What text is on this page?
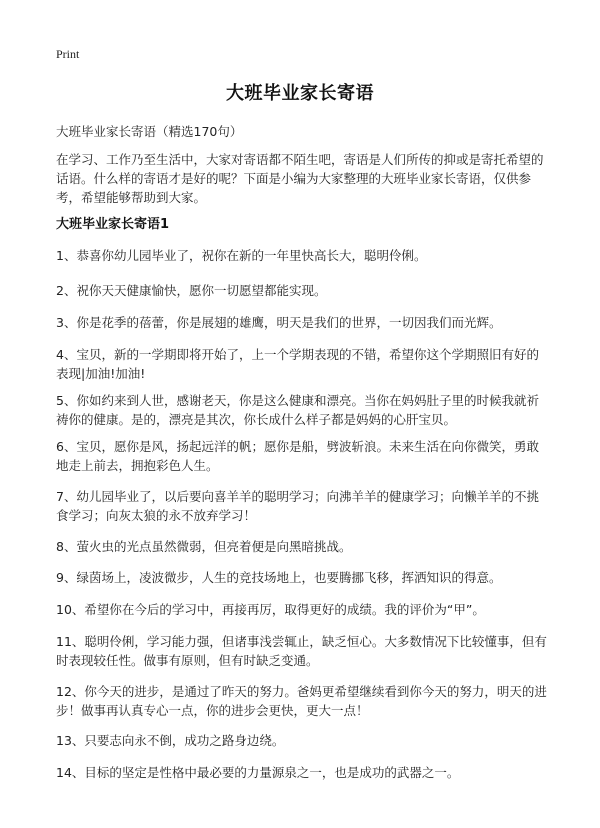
Print
大班毕业家长寄语
大班毕业家长寄语（精选170句）

在学习、工作乃至生活中，大家对寄语都不陌生吧，寄语是人们所传的抑或是寄托希望的话语。什么样的寄语才是好的呢？下面是小编为大家整理的大班毕业家长寄语，仅供参考，希望能够帮助到大家。

大班毕业家长寄语1
1、恭喜你幼儿园毕业了，祝你在新的一年里快高长大，聪明伶俐。
2、祝你天天健康愉快，愿你一切愿望都能实现。
3、你是花季的蓓蕾，你是展翅的雄鹰，明天是我们的世界，一切因我们而光辉。
4、宝贝，新的一学期即将开始了，上一个学期表现的不错，希望你这个学期照旧有好的表现|加油!加油!
5、你如约来到人世，感谢老天，你是这么健康和漂亮。当你在妈妈肚子里的时候我就祈祷你的健康。是的，漂亮是其次，你长成什么样子都是妈妈的心肝宝贝。
6、宝贝，愿你是风，扬起远洋的帆；愿你是船，劈波斩浪。未来生活在向你微笑，勇敢地走上前去，拥抱彩色人生。
7、幼儿园毕业了，以后要向喜羊羊的聪明学习；向沸羊羊的健康学习；向懒羊羊的不挑食学习；向灰太狼的永不放弃学习！
8、萤火虫的光点虽然微弱，但亮着便是向黑暗挑战。
9、绿茵场上，凌波微步，人生的竞技场地上，也要腾挪飞移，挥洒知识的得意。
10、希望你在今后的学习中，再接再厉，取得更好的成绩。我的评价为“甲”。
11、聪明伶俐，学习能力强，但诸事浅尝辄止，缺乏恒心。大多数情况下比较懂事，但有时表现较任性。做事有原则，但有时缺乏变通。
12、你今天的进步，是通过了昨天的努力。爸妈更希望继续看到你今天的努力，明天的进步！做事再认真专心一点，你的进步会更快，更大一点！
13、只要志向永不倒，成功之路身边绕。
14、目标的坚定是性格中最必要的力量源泉之一，也是成功的武器之一。
